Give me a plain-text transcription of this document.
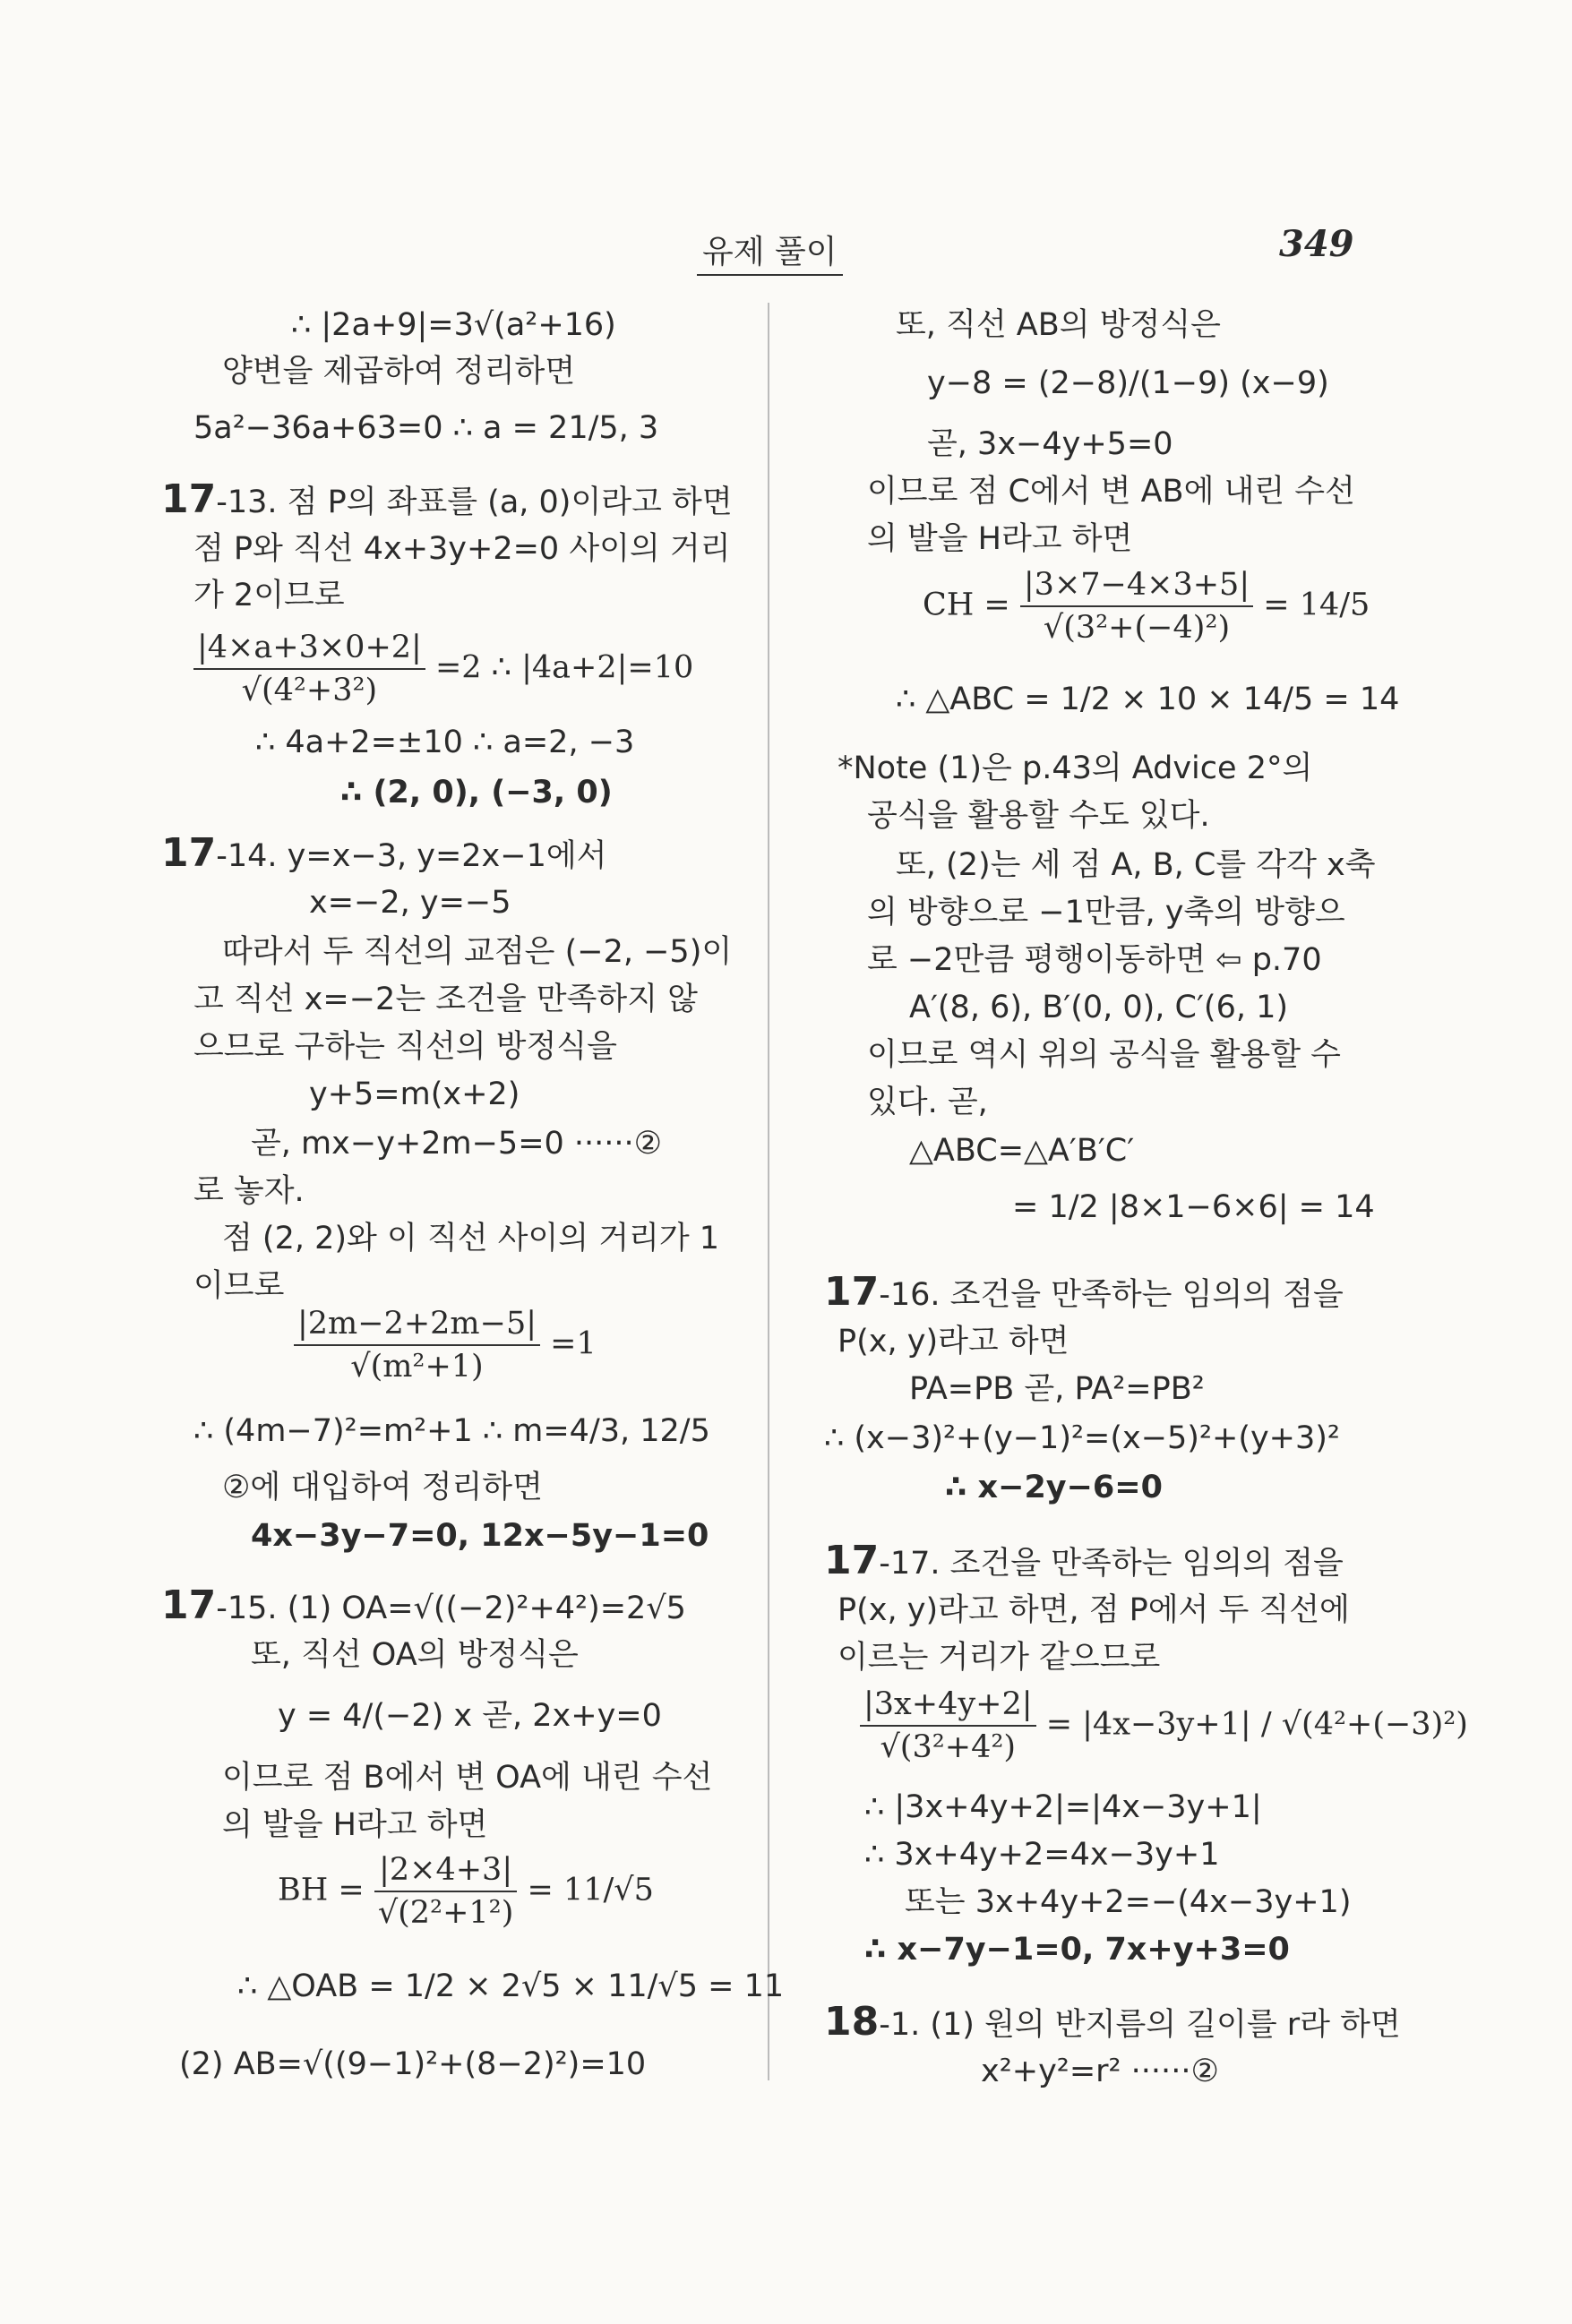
유제 풀이	349
∴ |2a+9|=3√(a²+16)
양변을 제곱하여 정리하면
5a²−36a+63=0 ∴ a = 21/5, 3
17-13. 점 P의 좌표를 (a, 0)이라고 하면
점 P와 직선 4x+3y+2=0 사이의 거리
가 2이므로
$\frac{|4\times a+3\times 0+2|}{\text{√(4²+3²)}} =2$ ∴ |4a+2|=10
∴ 4a+2=±10 ∴ a=2, −3
∴ (2, 0), (−3, 0)
17-14. y=x−3, y=2x−1에서
x=−2, y=−5
따라서 두 직선의 교점은 (−2, −5)이
고 직선 x=−2는 조건을 만족하지 않
으므로 구하는 직선의 방정식을
y+5=m(x+2)
곧, mx−y+2m−5=0 ······②
로 놓자.
점 (2, 2)와 이 직선 사이의 거리가 1
이므로
$\frac{|2m-2+2m-5|}{\text{√(m²+1)}} =1$
∴ (4m−7)²=m²+1 ∴ m=4/3, 12/5
②에 대입하여 정리하면
4x−3y−7=0, 12x−5y−1=0
17-15. (1) OA=√((−2)²+4²)=2√5
또, 직선 OA의 방정식은
y = 4/(−2) x 곧, 2x+y=0
이므로 점 B에서 변 OA에 내린 수선
의 발을 H라고 하면
BH = $\frac{|2\times 4+3|}{\text{√(2²+1²)}} = 11/√5$
∴ △OAB = 1/2 × 2√5 × 11/√5 = 11
(2) AB=√((9−1)²+(8−2)²)=10
또, 직선 AB의 방정식은
y−8 = (2−8)/(1−9) (x−9)
곧, 3x−4y+5=0
이므로 점 C에서 변 AB에 내린 수선
의 발을 H라고 하면
CH = $\frac{|3\times 7-4\times 3+5|}{\text{√(3²+(−4)²)}} = 14/5$
∴ △ABC = 1/2 × 10 × 14/5 = 14
*Note (1)은 p.43의 Advice 2°의
공식을 활용할 수도 있다.
또, (2)는 세 점 A, B, C를 각각 x축
의 방향으로 −1만큼, y축의 방향으
로 −2만큼 평행이동하면 ⇦ p.70
A′(8, 6), B′(0, 0), C′(6, 1)
이므로 역시 위의 공식을 활용할 수
있다. 곧,
△ABC=△A′B′C′
= 1/2 |8×1−6×6| = 14
17-16. 조건을 만족하는 임의의 점을
P(x, y)라고 하면
PA=PB 곧, PA²=PB²
∴ (x−3)²+(y−1)²=(x−5)²+(y+3)²
∴ x−2y−6=0
17-17. 조건을 만족하는 임의의 점을
P(x, y)라고 하면, 점 P에서 두 직선에
이르는 거리가 같으므로
$\frac{|3x+4y+2|}{\text{√(3²+4²)}} = |4x-3y+1| / √(4^2+(-3)^2)$
∴ |3x+4y+2|=|4x−3y+1|
∴ 3x+4y+2=4x−3y+1
또는 3x+4y+2=−(4x−3y+1)
∴ x−7y−1=0, 7x+y+3=0
18-1. (1) 원의 반지름의 길이를 r라 하면
x²+y²=r² ······②
